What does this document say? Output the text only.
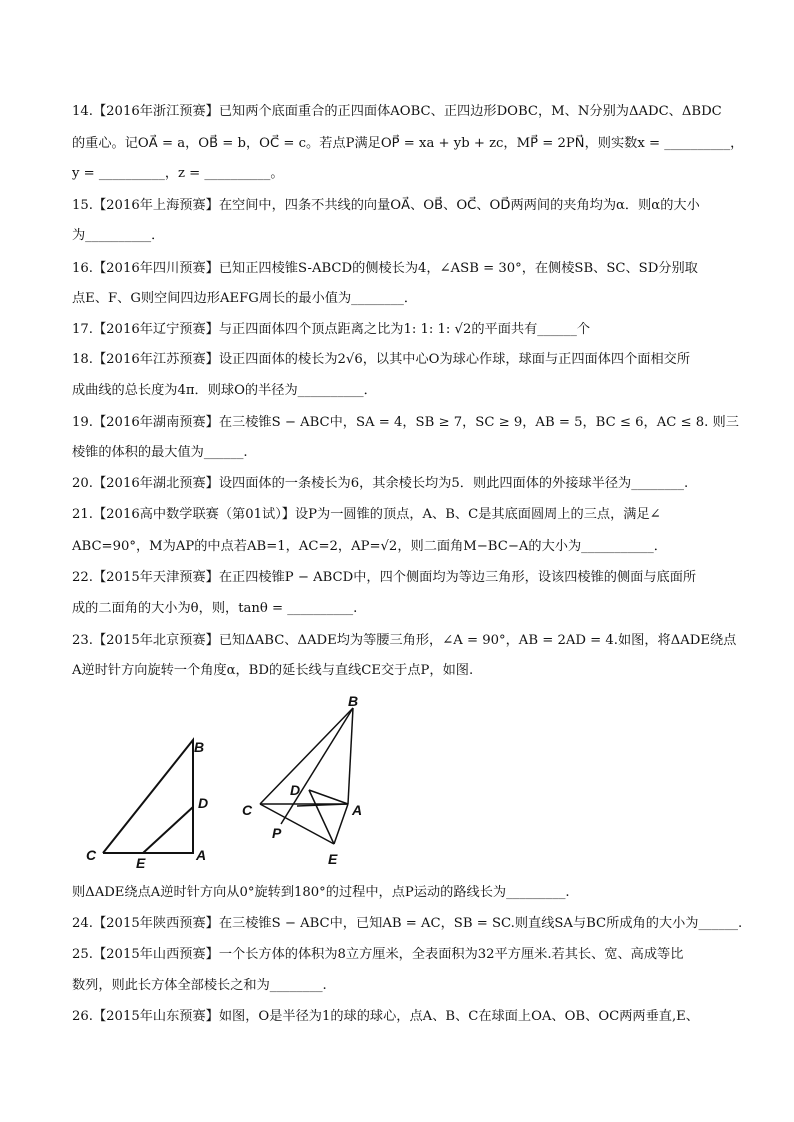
14.【2016年浙江预赛】已知两个底面重合的正四面体AOBC、正四边形DOBC，M、N分别为ΔADC、ΔBDC
的重心。记OA⃗ = a，OB⃗ = b，OC⃗ = c。若点P满足OP⃗ = xa + yb + zc，MP⃗ = 2PN⃗，则实数x = __________，
y = __________，z = __________。
15.【2016年上海预赛】在空间中，四条不共线的向量OA⃗、OB⃗、OC⃗、OD⃗两两间的夹角均为α．则α的大小
为__________．
16.【2016年四川预赛】已知正四棱锥S-ABCD的侧棱长为4，∠ASB = 30°，在侧棱SB、SC、SD分别取
点E、F、G则空间四边形AEFG周长的最小值为________．
17.【2016年辽宁预赛】与正四面体四个顶点距离之比为1: 1: 1: √2的平面共有______个
18.【2016年江苏预赛】设正四面体的棱长为2√6，以其中心O为球心作球，球面与正四面体四个面相交所
成曲线的总长度为4π．则球O的半径为__________．
19.【2016年湖南预赛】在三棱锥S − ABC中，SA = 4，SB ≥ 7，SC ≥ 9，AB = 5，BC ≤ 6，AC ≤ 8. 则三
棱锥的体积的最大值为______.
20.【2016年湖北预赛】设四面体的一条棱长为6，其余棱长均为5．则此四面体的外接球半径为________.
21.【2016高中数学联赛（第01试）】设P为一圆锥的顶点，A、B、C是其底面圆周上的三点，满足∠
ABC=90°，M为AP的中点若AB=1，AC=2，AP=√2，则二面角M−BC−A的大小为___________．
22.【2015年天津预赛】在正四棱锥P − ABCD中，四个侧面均为等边三角形，设该四棱锥的侧面与底面所
成的二面角的大小为θ，则，tanθ = __________.
23.【2015年北京预赛】已知ΔABC、ΔADE均为等腰三角形，∠A = 90°，AB = 2AD = 4.如图，将ΔADE绕点
A逆时针方向旋转一个角度α，BD的延长线与直线CE交于点P，如图.
B
D
C	E	A
B
D
C	A
P
E
则ΔADE绕点A逆时针方向从0°旋转到180°的过程中，点P运动的路线长为_________.
24.【2015年陕西预赛】在三棱锥S − ABC中，已知AB = AC，SB = SC.则直线SA与BC所成角的大小为______.
25.【2015年山西预赛】一个长方体的体积为8立方厘米，全表面积为32平方厘米.若其长、宽、高成等比
数列，则此长方体全部棱长之和为________.
26.【2015年山东预赛】如图，O是半径为1的球的球心，点A、B、C在球面上OA、OB、OC两两垂直,E、
